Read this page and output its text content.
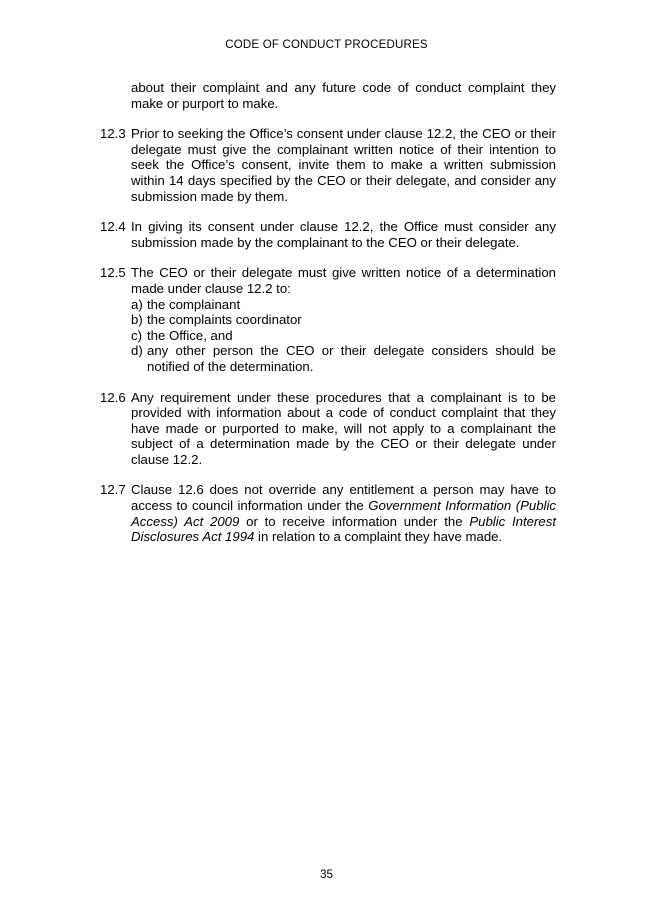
CODE OF CONDUCT PROCEDURES
about their complaint and any future code of conduct complaint they make or purport to make.
12.3 Prior to seeking the Office’s consent under clause 12.2, the CEO or their delegate must give the complainant written notice of their intention to seek the Office’s consent, invite them to make a written submission within 14 days specified by the CEO or their delegate, and consider any submission made by them.
12.4 In giving its consent under clause 12.2, the Office must consider any submission made by the complainant to the CEO or their delegate.
12.5 The CEO or their delegate must give written notice of a determination made under clause 12.2 to:
a) the complainant
b) the complaints coordinator
c) the Office, and
d) any other person the CEO or their delegate considers should be notified of the determination.
12.6 Any requirement under these procedures that a complainant is to be provided with information about a code of conduct complaint that they have made or purported to make, will not apply to a complainant the subject of a determination made by the CEO or their delegate under clause 12.2.
12.7 Clause 12.6 does not override any entitlement a person may have to access to council information under the Government Information (Public Access) Act 2009 or to receive information under the Public Interest Disclosures Act 1994 in relation to a complaint they have made.
35
